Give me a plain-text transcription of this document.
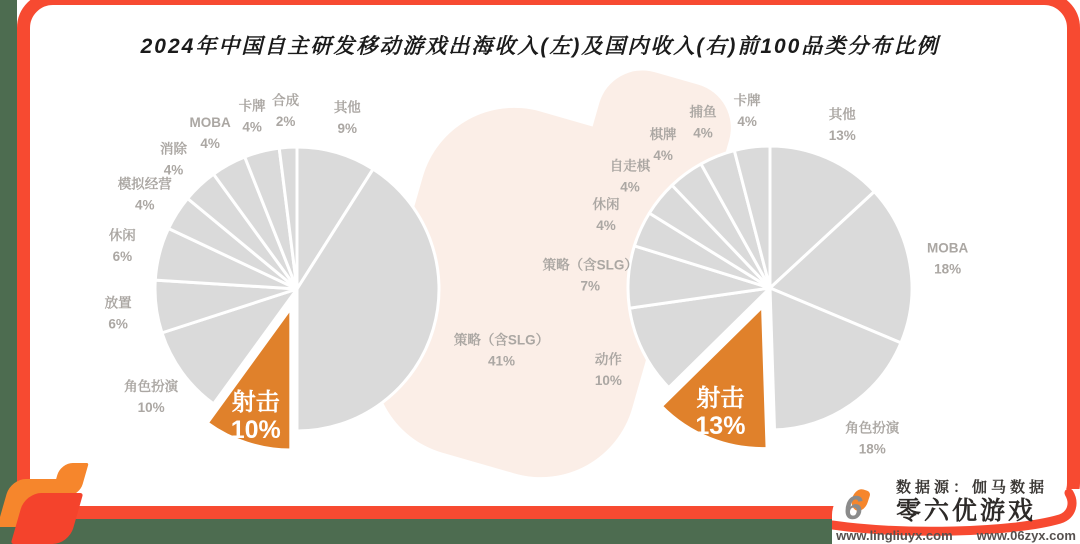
2024年中国自主研发移动游戏出海收入(左)及国内收入(右)前100品类分布比例
其他
9%
策略（含SLG）
41%
射击
10%
角色扮演
10%
放置
6%
休闲
6%
模拟经营
4%
消除
4%
MOBA
4%
卡牌
4%
合成
2%	其他
13%
MOBA
18%
角色扮演
18%
射击
13%
动作
10%
策略（含SLG）
7%
休闲
4%
自走棋
4%
棋牌
4%
捕鱼
4%
卡牌
4%
数据源：伽马数据
6 零六优游戏
www.lingliuyx.com www.06zyx.com
